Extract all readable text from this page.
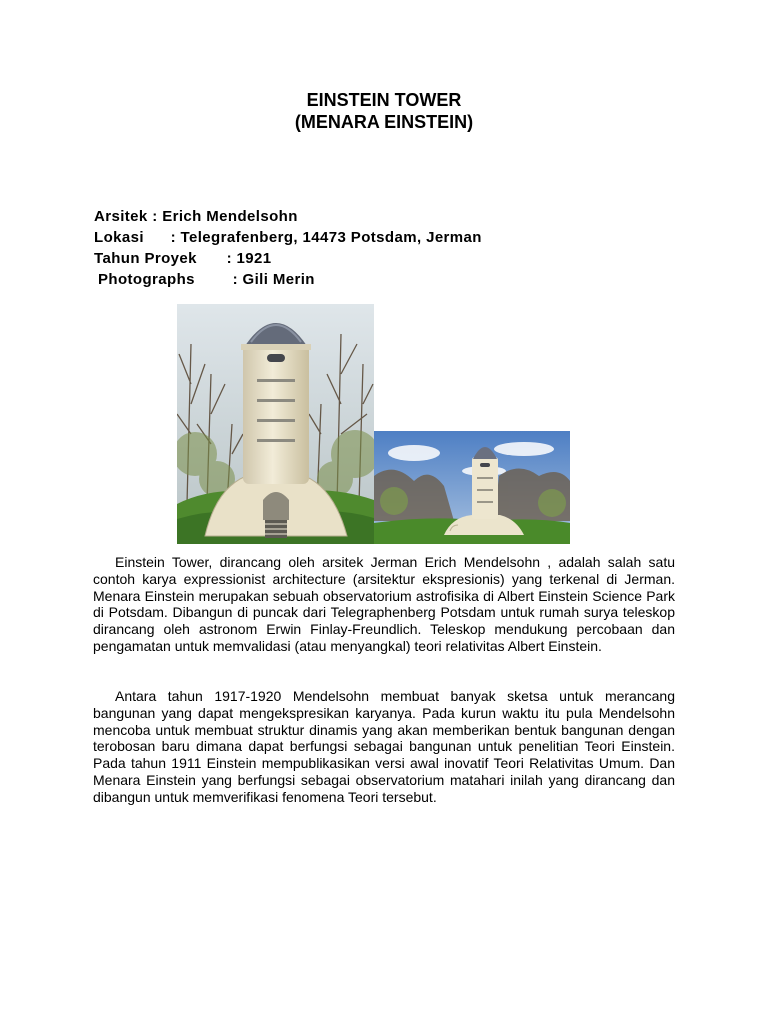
EINSTEIN TOWER
(MENARA EINSTEIN)
Arsitek : Erich Mendelsohn
Lokasi : Telegrafenberg, 14473 Potsdam, Jerman
Tahun Proyek : 1921
Photographs : Gili Merin

Einstein Tower, dirancang oleh arsitek Jerman Erich Mendelsohn , adalah salah satu contoh karya expressionist architecture (arsitektur ekspresionis) yang terkenal di Jerman. Menara Einstein merupakan sebuah observatorium astrofisika di Albert Einstein Science Park di Potsdam. Dibangun di puncak dari Telegraphenberg Potsdam untuk rumah surya teleskop dirancang oleh astronom Erwin Finlay-Freundlich. Teleskop mendukung percobaan dan pengamatan untuk memvalidasi (atau menyangkal) teori relativitas Albert Einstein.

Antara tahun 1917-1920 Mendelsohn membuat banyak sketsa untuk merancang bangunan yang dapat mengekspresikan karyanya. Pada kurun waktu itu pula Mendelsohn mencoba untuk membuat struktur dinamis yang akan memberikan bentuk bangunan dengan terobosan baru dimana dapat berfungsi sebagai bangunan untuk penelitian Teori Einstein. Pada tahun 1911 Einstein mempublikasikan versi awal inovatif Teori Relativitas Umum. Dan Menara Einstein yang berfungsi sebagai observatorium matahari inilah yang dirancang dan dibangun untuk memverifikasi fenomena Teori tersebut.
